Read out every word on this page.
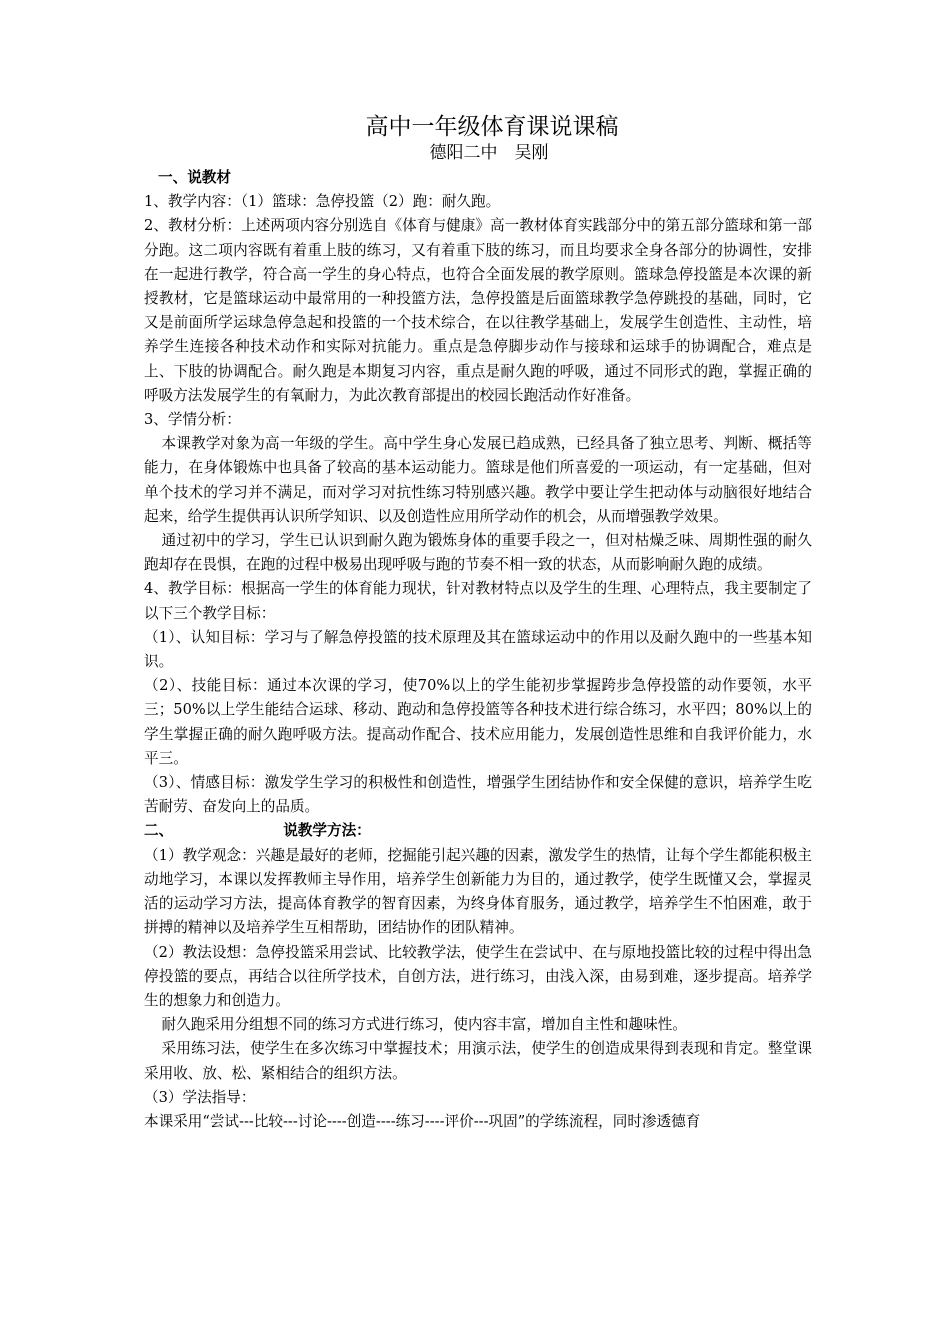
高中一年级体育课说课稿
德阳二中　吴刚

一、说教材

1、教学内容：（1）篮球：急停投篮（2）跑：耐久跑。

2、教材分析：上述两项内容分别选自《体育与健康》高一教材体育实践部分中的第五部分篮球和第一部分跑。这二项内容既有着重上肢的练习，又有着重下肢的练习，而且均要求全身各部分的协调性，安排在一起进行教学，符合高一学生的身心特点，也符合全面发展的教学原则。篮球急停投篮是本次课的新授教材，它是篮球运动中最常用的一种投篮方法，急停投篮是后面篮球教学急停跳投的基础，同时，它又是前面所学运球急停急起和投篮的一个技术综合，在以往教学基础上，发展学生创造性、主动性，培养学生连接各种技术动作和实际对抗能力。重点是急停脚步动作与接球和运球手的协调配合，难点是上、下肢的协调配合。耐久跑是本期复习内容，重点是耐久跑的呼吸，通过不同形式的跑，掌握正确的呼吸方法发展学生的有氧耐力，为此次教育部提出的校园长跑活动作好准备。

3、学情分析：

本课教学对象为高一年级的学生。高中学生身心发展已趋成熟，已经具备了独立思考、判断、概括等能力，在身体锻炼中也具备了较高的基本运动能力。篮球是他们所喜爱的一项运动，有一定基础，但对单个技术的学习并不满足，而对学习对抗性练习特别感兴趣。教学中要让学生把动体与动脑很好地结合起来，给学生提供再认识所学知识、以及创造性应用所学动作的机会，从而增强教学效果。

通过初中的学习，学生已认识到耐久跑为锻炼身体的重要手段之一，但对枯燥乏味、周期性强的耐久跑却存在畏惧，在跑的过程中极易出现呼吸与跑的节奏不相一致的状态，从而影响耐久跑的成绩。

4、教学目标：根据高一学生的体育能力现状，针对教材特点以及学生的生理、心理特点，我主要制定了以下三个教学目标：

（1）、认知目标：学习与了解急停投篮的技术原理及其在篮球运动中的作用以及耐久跑中的一些基本知识。

（2）、技能目标：通过本次课的学习，使70%以上的学生能初步掌握跨步急停投篮的动作要领，水平三；50%以上学生能结合运球、移动、跑动和急停投篮等各种技术进行综合练习，水平四；80%以上的学生掌握正确的耐久跑呼吸方法。提高动作配合、技术应用能力，发展创造性思维和自我评价能力，水平三。

（3）、情感目标：激发学生学习的积极性和创造性，增强学生团结协作和安全保健的意识，培养学生吃苦耐劳、奋发向上的品质。

二、	说教学方法：

（1）教学观念：兴趣是最好的老师，挖掘能引起兴趣的因素，激发学生的热情，让每个学生都能积极主动地学习，本课以发挥教师主导作用，培养学生创新能力为目的，通过教学，使学生既懂又会，掌握灵活的运动学习方法，提高体育教学的智育因素，为终身体育服务，通过教学，培养学生不怕困难，敢于拼搏的精神以及培养学生互相帮助，团结协作的团队精神。

（2）教法设想：急停投篮采用尝试、比较教学法，使学生在尝试中、在与原地投篮比较的过程中得出急停投篮的要点，再结合以往所学技术，自创方法，进行练习，由浅入深，由易到难，逐步提高。培养学生的想象力和创造力。

耐久跑采用分组想不同的练习方式进行练习，使内容丰富，增加自主性和趣味性。

采用练习法，使学生在多次练习中掌握技术；用演示法，使学生的创造成果得到表现和肯定。整堂课采用收、放、松、紧相结合的组织方法。

（3）学法指导：

本课采用“尝试---比较---讨论----创造----练习----评价---巩固”的学练流程，同时渗透德育
